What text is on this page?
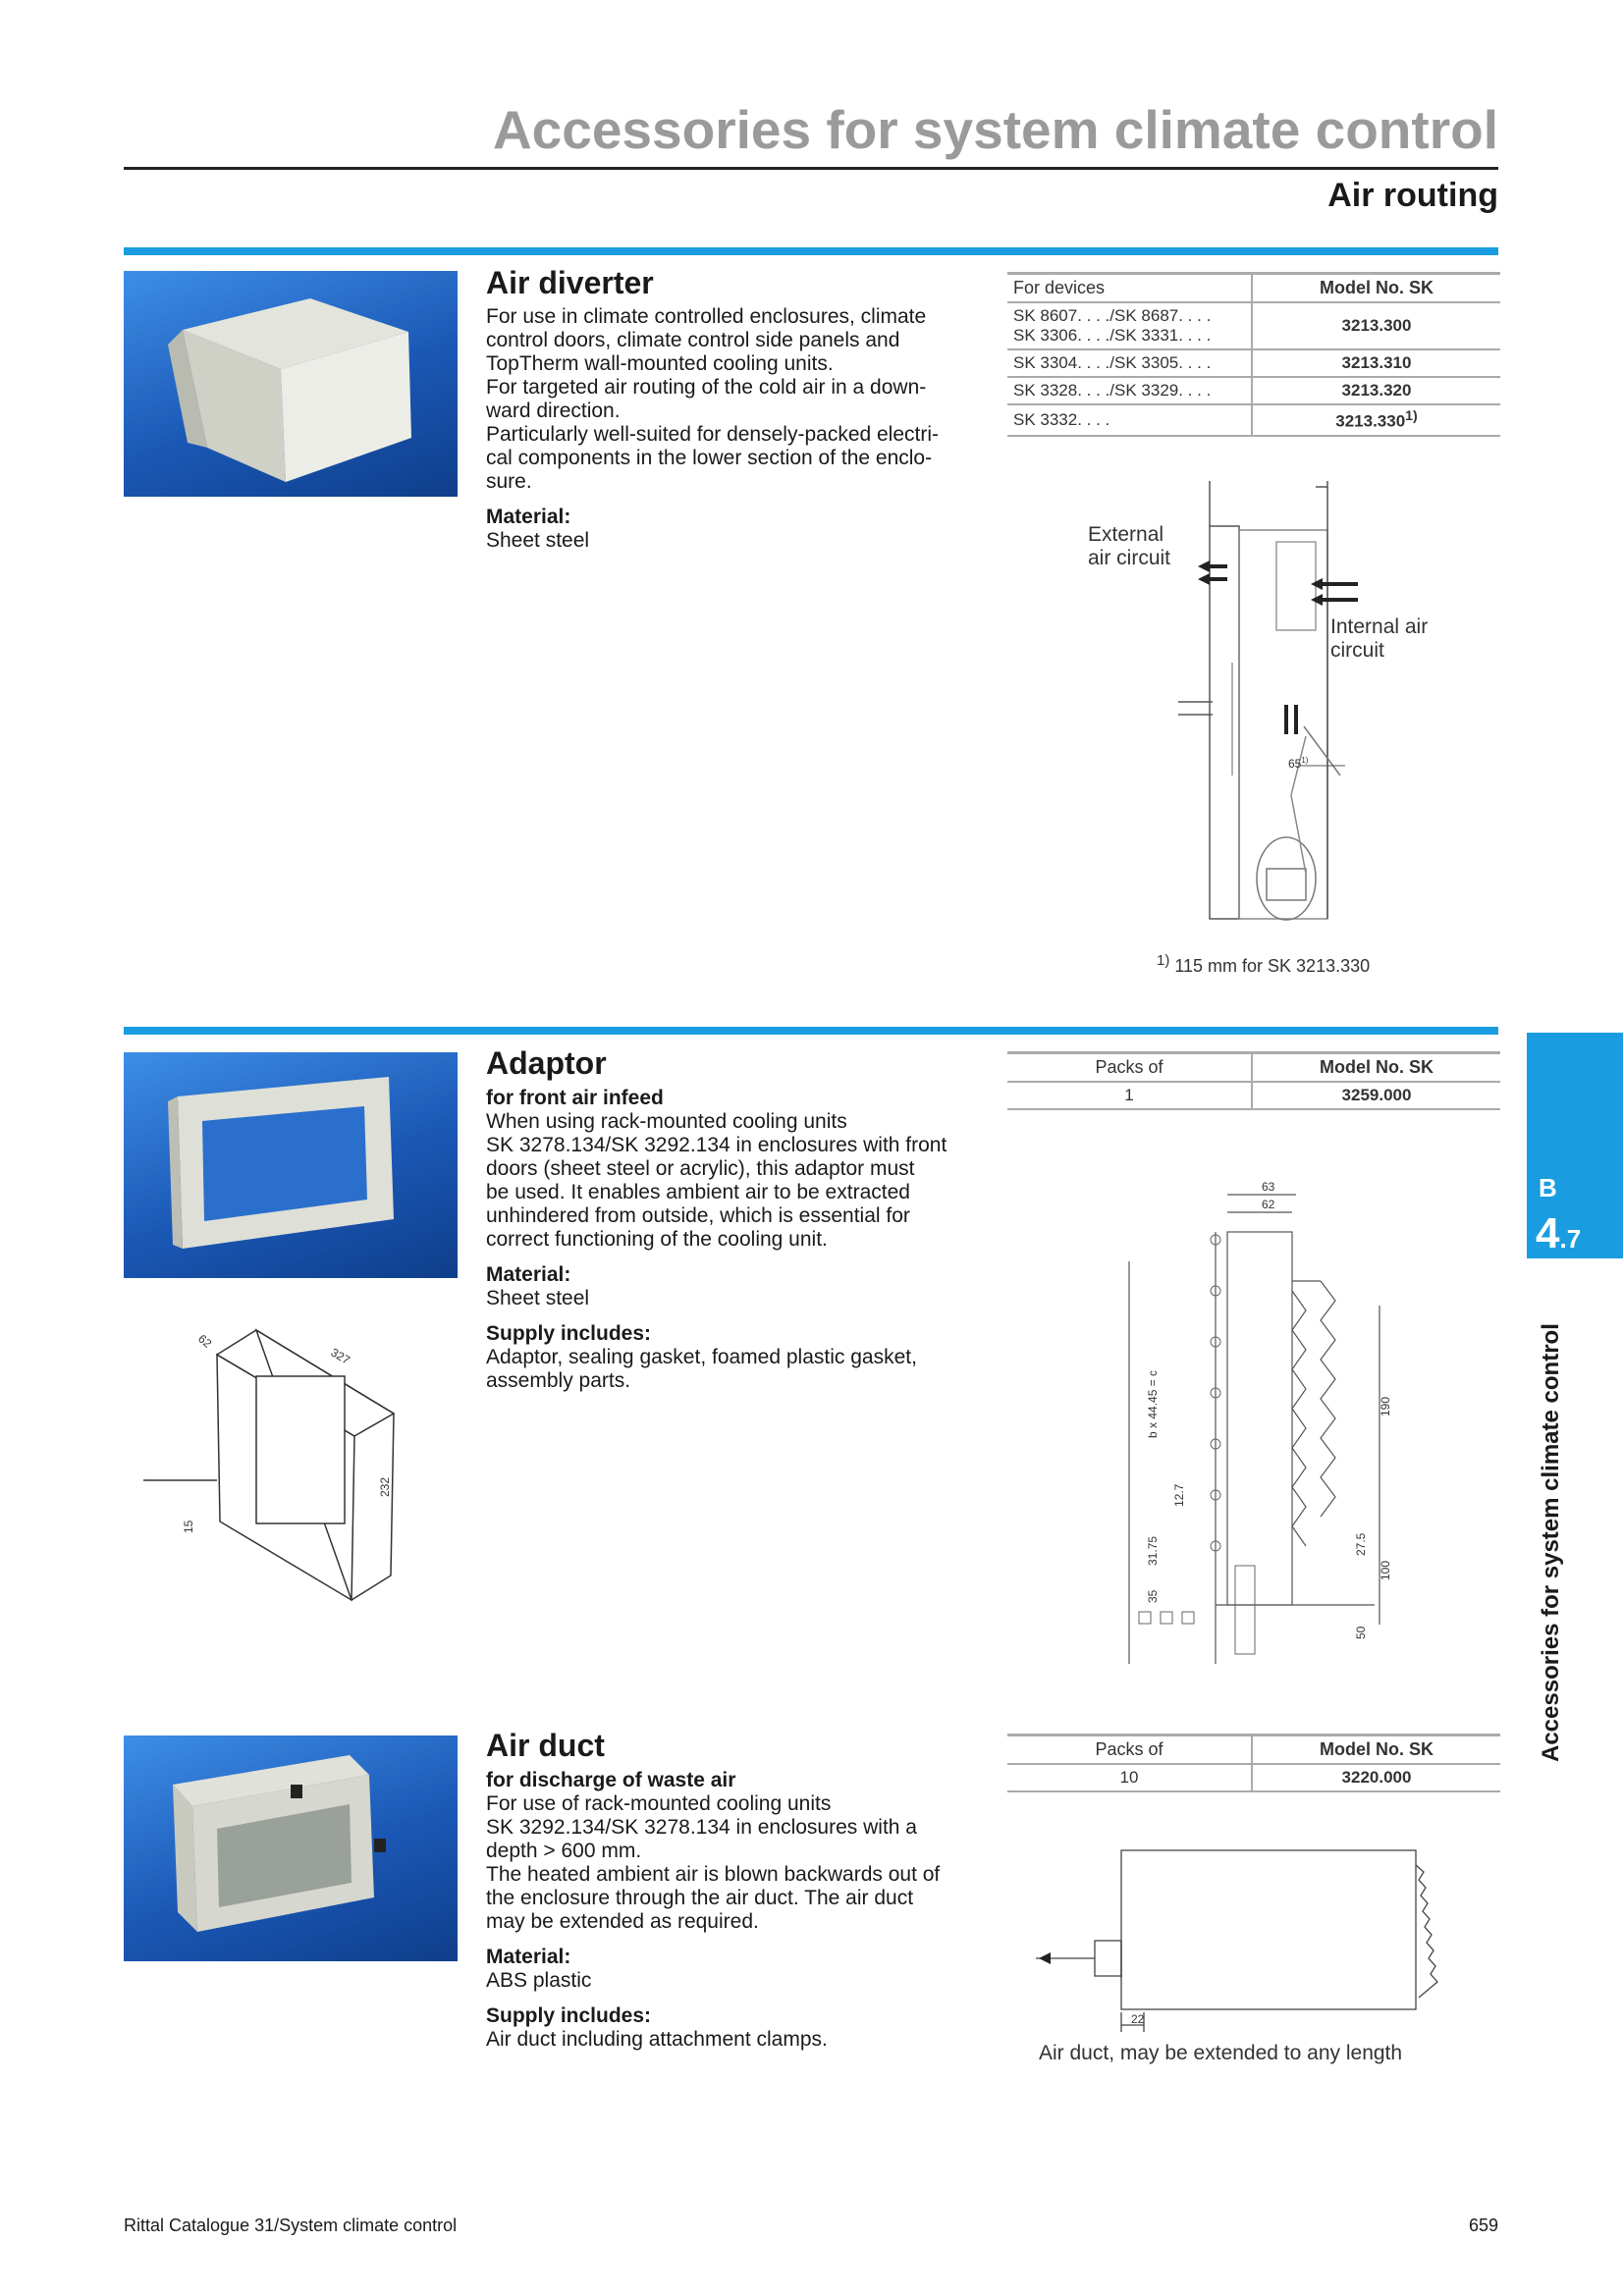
Accessories for system climate control
Air routing
Air diverter

For use in climate controlled enclosures, climate

control doors, climate control side panels and

TopTherm wall-mounted cooling units.

For targeted air routing of the cold air in a down-

ward direction.

Particularly well-suited for densely-packed electri-

cal components in the lower section of the enclo-

sure.

Material:

Sheet steel

For devices	Model No. SK

SK 8607. . . ./SK 8687. . . .
SK 3306. . . ./SK 3331. . . .	3213.300
SK 3304. . . ./SK 3305. . . .	3213.310
SK 3328. . . ./SK 3329. . . .	3213.320
SK 3332. . . .	3213.330$^{1)}$
External
air circuit
Internal air
circuit
65$^{1)}$
$^{1)}$ 115 mm for SK 3213.330
62
327
232
15
Adaptor
for front air infeed

When using rack-mounted cooling units

SK 3278.134/SK 3292.134 in enclosures with front

doors (sheet steel or acrylic), this adaptor must

be used. It enables ambient air to be extracted

unhindered from outside, which is essential for

correct functioning of the cooling unit.

Material:

Sheet steel

Supply includes:

Adaptor, sealing gasket, foamed plastic gasket,

assembly parts.

Packs of	Model No. SK
1	3259.000
63
62
b x 44.45 = c	190
12.7
31.75
35
27.5
100
50
Air duct
for discharge of waste air

For use of rack-mounted cooling units

SK 3292.134/SK 3278.134 in enclosures with a

depth > 600 mm.

The heated ambient air is blown backwards out of

the enclosure through the air duct. The air duct

may be extended as required.

Material:

ABS plastic

Supply includes:

Air duct including attachment clamps.

Packs of	Model No. SK
10	3220.000
22
Air duct, may be extended to any length
B
4.7
Accessories for system climate control
Rittal Catalogue 31/System climate control	659
